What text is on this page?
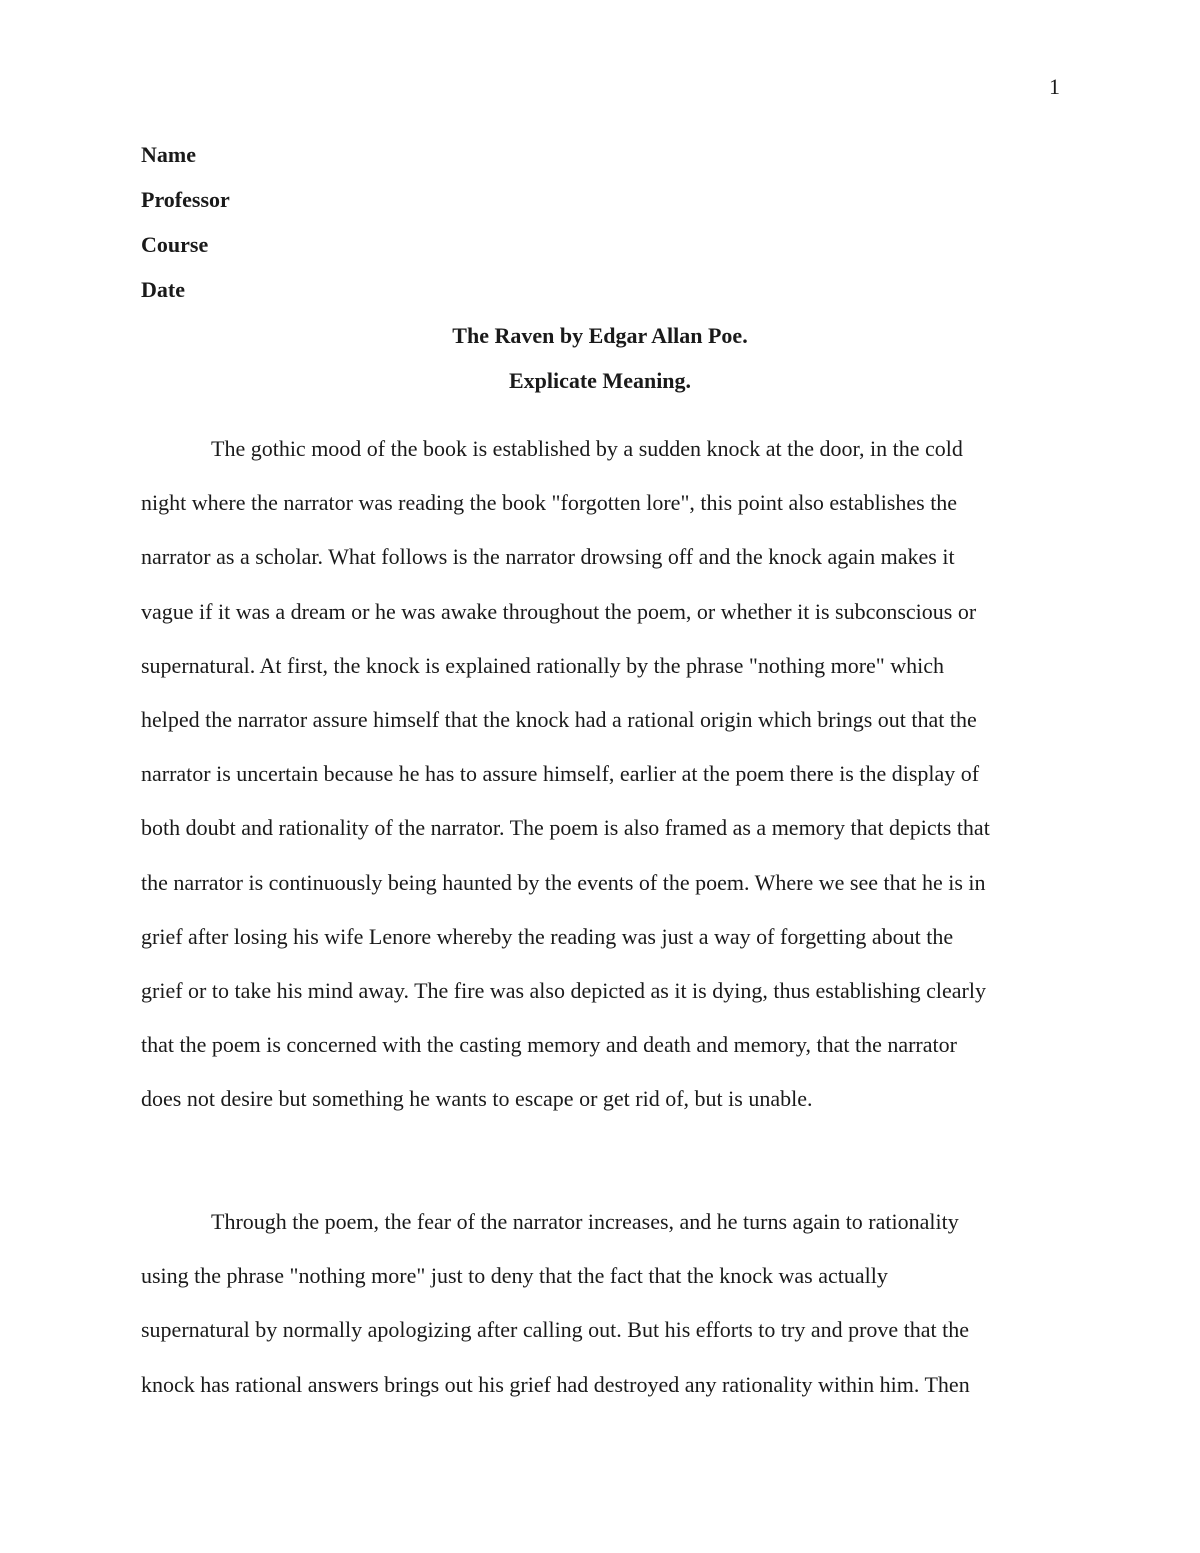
1
Name
Professor
Course
Date
The Raven by Edgar Allan Poe.
Explicate Meaning.
The gothic mood of the book is established by a sudden knock at the door, in the cold
night where the narrator was reading the book "forgotten lore", this point also establishes the
narrator as a scholar. What follows is the narrator drowsing off and the knock again makes it
vague if it was a dream or he was awake throughout the poem, or whether it is subconscious or
supernatural. At first, the knock is explained rationally by the phrase "nothing more" which
helped the narrator assure himself that the knock had a rational origin which brings out that the
narrator is uncertain because he has to assure himself, earlier at the poem there is the display of
both doubt and rationality of the narrator. The poem is also framed as a memory that depicts that
the narrator is continuously being haunted by the events of the poem. Where we see that he is in
grief after losing his wife Lenore whereby the reading was just a way of forgetting about the
grief or to take his mind away. The fire was also depicted as it is dying, thus establishing clearly
that the poem is concerned with the casting memory and death and memory, that the narrator
does not desire but something he wants to escape or get rid of, but is unable.
Through the poem, the fear of the narrator increases, and he turns again to rationality
using the phrase "nothing more" just to deny that the fact that the knock was actually
supernatural by normally apologizing after calling out. But his efforts to try and prove that the
knock has rational answers brings out his grief had destroyed any rationality within him. Then
